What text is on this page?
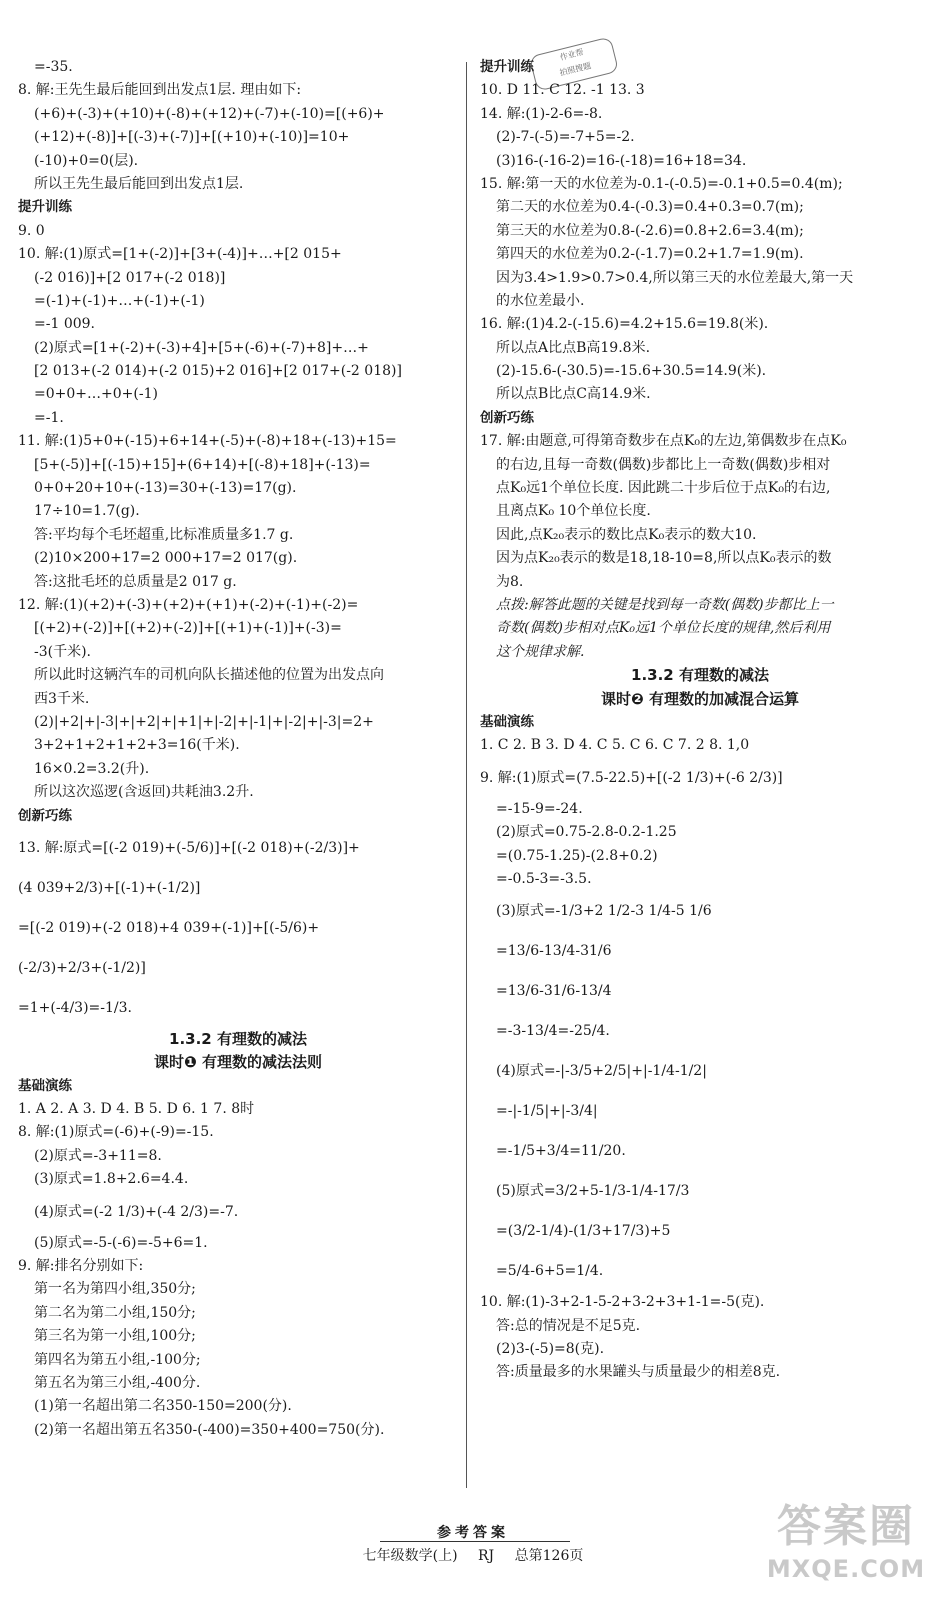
作业帮
拍照搜题
=-35.
8. 解:王先生最后能回到出发点1层. 理由如下:
(+6)+(-3)+(+10)+(-8)+(+12)+(-7)+(-10)=[(+6)+
(+12)+(-8)]+[(-3)+(-7)]+[(+10)+(-10)]=10+
(-10)+0=0(层).
所以王先生最后能回到出发点1层.
提升训练
9. 0
10. 解:(1)原式=[1+(-2)]+[3+(-4)]+…+[2 015+
(-2 016)]+[2 017+(-2 018)]
=(-1)+(-1)+…+(-1)+(-1)
=-1 009.
(2)原式=[1+(-2)+(-3)+4]+[5+(-6)+(-7)+8]+…+
[2 013+(-2 014)+(-2 015)+2 016]+[2 017+(-2 018)]
=0+0+…+0+(-1)
=-1.
11. 解:(1)5+0+(-15)+6+14+(-5)+(-8)+18+(-13)+15=
[5+(-5)]+[(-15)+15]+(6+14)+[(-8)+18]+(-13)=
0+0+20+10+(-13)=30+(-13)=17(g).
17÷10=1.7(g).
答:平均每个毛坯超重,比标准质量多1.7 g.
(2)10×200+17=2 000+17=2 017(g).
答:这批毛坯的总质量是2 017 g.
12. 解:(1)(+2)+(-3)+(+2)+(+1)+(-2)+(-1)+(-2)=
[(+2)+(-2)]+[(+2)+(-2)]+[(+1)+(-1)]+(-3)=
-3(千米).
所以此时这辆汽车的司机向队长描述他的位置为出发点向
西3千米.
(2)|+2|+|-3|+|+2|+|+1|+|-2|+|-1|+|-2|+|-3|=2+
3+2+1+2+1+2+3=16(千米).
16×0.2=3.2(升).
所以这次巡逻(含返回)共耗油3.2升.
创新巧练
13. 解:原式=[(-2 019)+(-5/6)]+[(-2 018)+(-2/3)]+
(4 039+2/3)+[(-1)+(-1/2)]
=[(-2 019)+(-2 018)+4 039+(-1)]+[(-5/6)+
(-2/3)+2/3+(-1/2)]
=1+(-4/3)=-1/3.
1.3.2 有理数的减法
课时❶ 有理数的减法法则
基础演练
1. A 2. A 3. D 4. B 5. D 6. 1 7. 8时
8. 解:(1)原式=(-6)+(-9)=-15.
(2)原式=-3+11=8.
(3)原式=1.8+2.6=4.4.
(4)原式=(-2 1/3)+(-4 2/3)=-7.
(5)原式=-5-(-6)=-5+6=1.
9. 解:排名分别如下:
第一名为第四小组,350分;
第二名为第二小组,150分;
第三名为第一小组,100分;
第四名为第五小组,-100分;
第五名为第三小组,-400分.
(1)第一名超出第二名350-150=200(分).
(2)第一名超出第五名350-(-400)=350+400=750(分).
提升训练
10. D 11. C 12. -1 13. 3
14. 解:(1)-2-6=-8.
(2)-7-(-5)=-7+5=-2.
(3)16-(-16-2)=16-(-18)=16+18=34.
15. 解:第一天的水位差为-0.1-(-0.5)=-0.1+0.5=0.4(m);
第二天的水位差为0.4-(-0.3)=0.4+0.3=0.7(m);
第三天的水位差为0.8-(-2.6)=0.8+2.6=3.4(m);
第四天的水位差为0.2-(-1.7)=0.2+1.7=1.9(m).
因为3.4>1.9>0.7>0.4,所以第三天的水位差最大,第一天
的水位差最小.
16. 解:(1)4.2-(-15.6)=4.2+15.6=19.8(米).
所以点A比点B高19.8米.
(2)-15.6-(-30.5)=-15.6+30.5=14.9(米).
所以点B比点C高14.9米.
创新巧练
17. 解:由题意,可得第奇数步在点K₀的左边,第偶数步在点K₀
的右边,且每一奇数(偶数)步都比上一奇数(偶数)步相对
点K₀远1个单位长度. 因此跳二十步后位于点K₀的右边,
且离点K₀ 10个单位长度.
因此,点K₂₀表示的数比点K₀表示的数大10.
因为点K₂₀表示的数是18,18-10=8,所以点K₀表示的数
为8.
点拨:解答此题的关键是找到每一奇数(偶数)步都比上一
奇数(偶数)步相对点K₀远1个单位长度的规律,然后利用
这个规律求解.
1.3.2 有理数的减法
课时❷ 有理数的加减混合运算
基础演练
1. C 2. B 3. D 4. C 5. C 6. C 7. 2 8. 1,0
9. 解:(1)原式=(7.5-22.5)+[(-2 1/3)+(-6 2/3)]
=-15-9=-24.
(2)原式=0.75-2.8-0.2-1.25
=(0.75-1.25)-(2.8+0.2)
=-0.5-3=-3.5.
(3)原式=-1/3+2 1/2-3 1/4-5 1/6
=13/6-13/4-31/6
=13/6-31/6-13/4
=-3-13/4=-25/4.
(4)原式=-|-3/5+2/5|+|-1/4-1/2|
=-|-1/5|+|-3/4|
=-1/5+3/4=11/20.
(5)原式=3/2+5-1/3-1/4-17/3
=(3/2-1/4)-(1/3+17/3)+5
=5/4-6+5=1/4.
10. 解:(1)-3+2-1-5-2+3-2+3+1-1=-5(克).
答:总的情况是不足5克.
(2)3-(-5)=8(克).
答:质量最多的水果罐头与质量最少的相差8克.
参考答案
七年级数学(上) RJ 总第126页
答案圈
MXQE.COM
